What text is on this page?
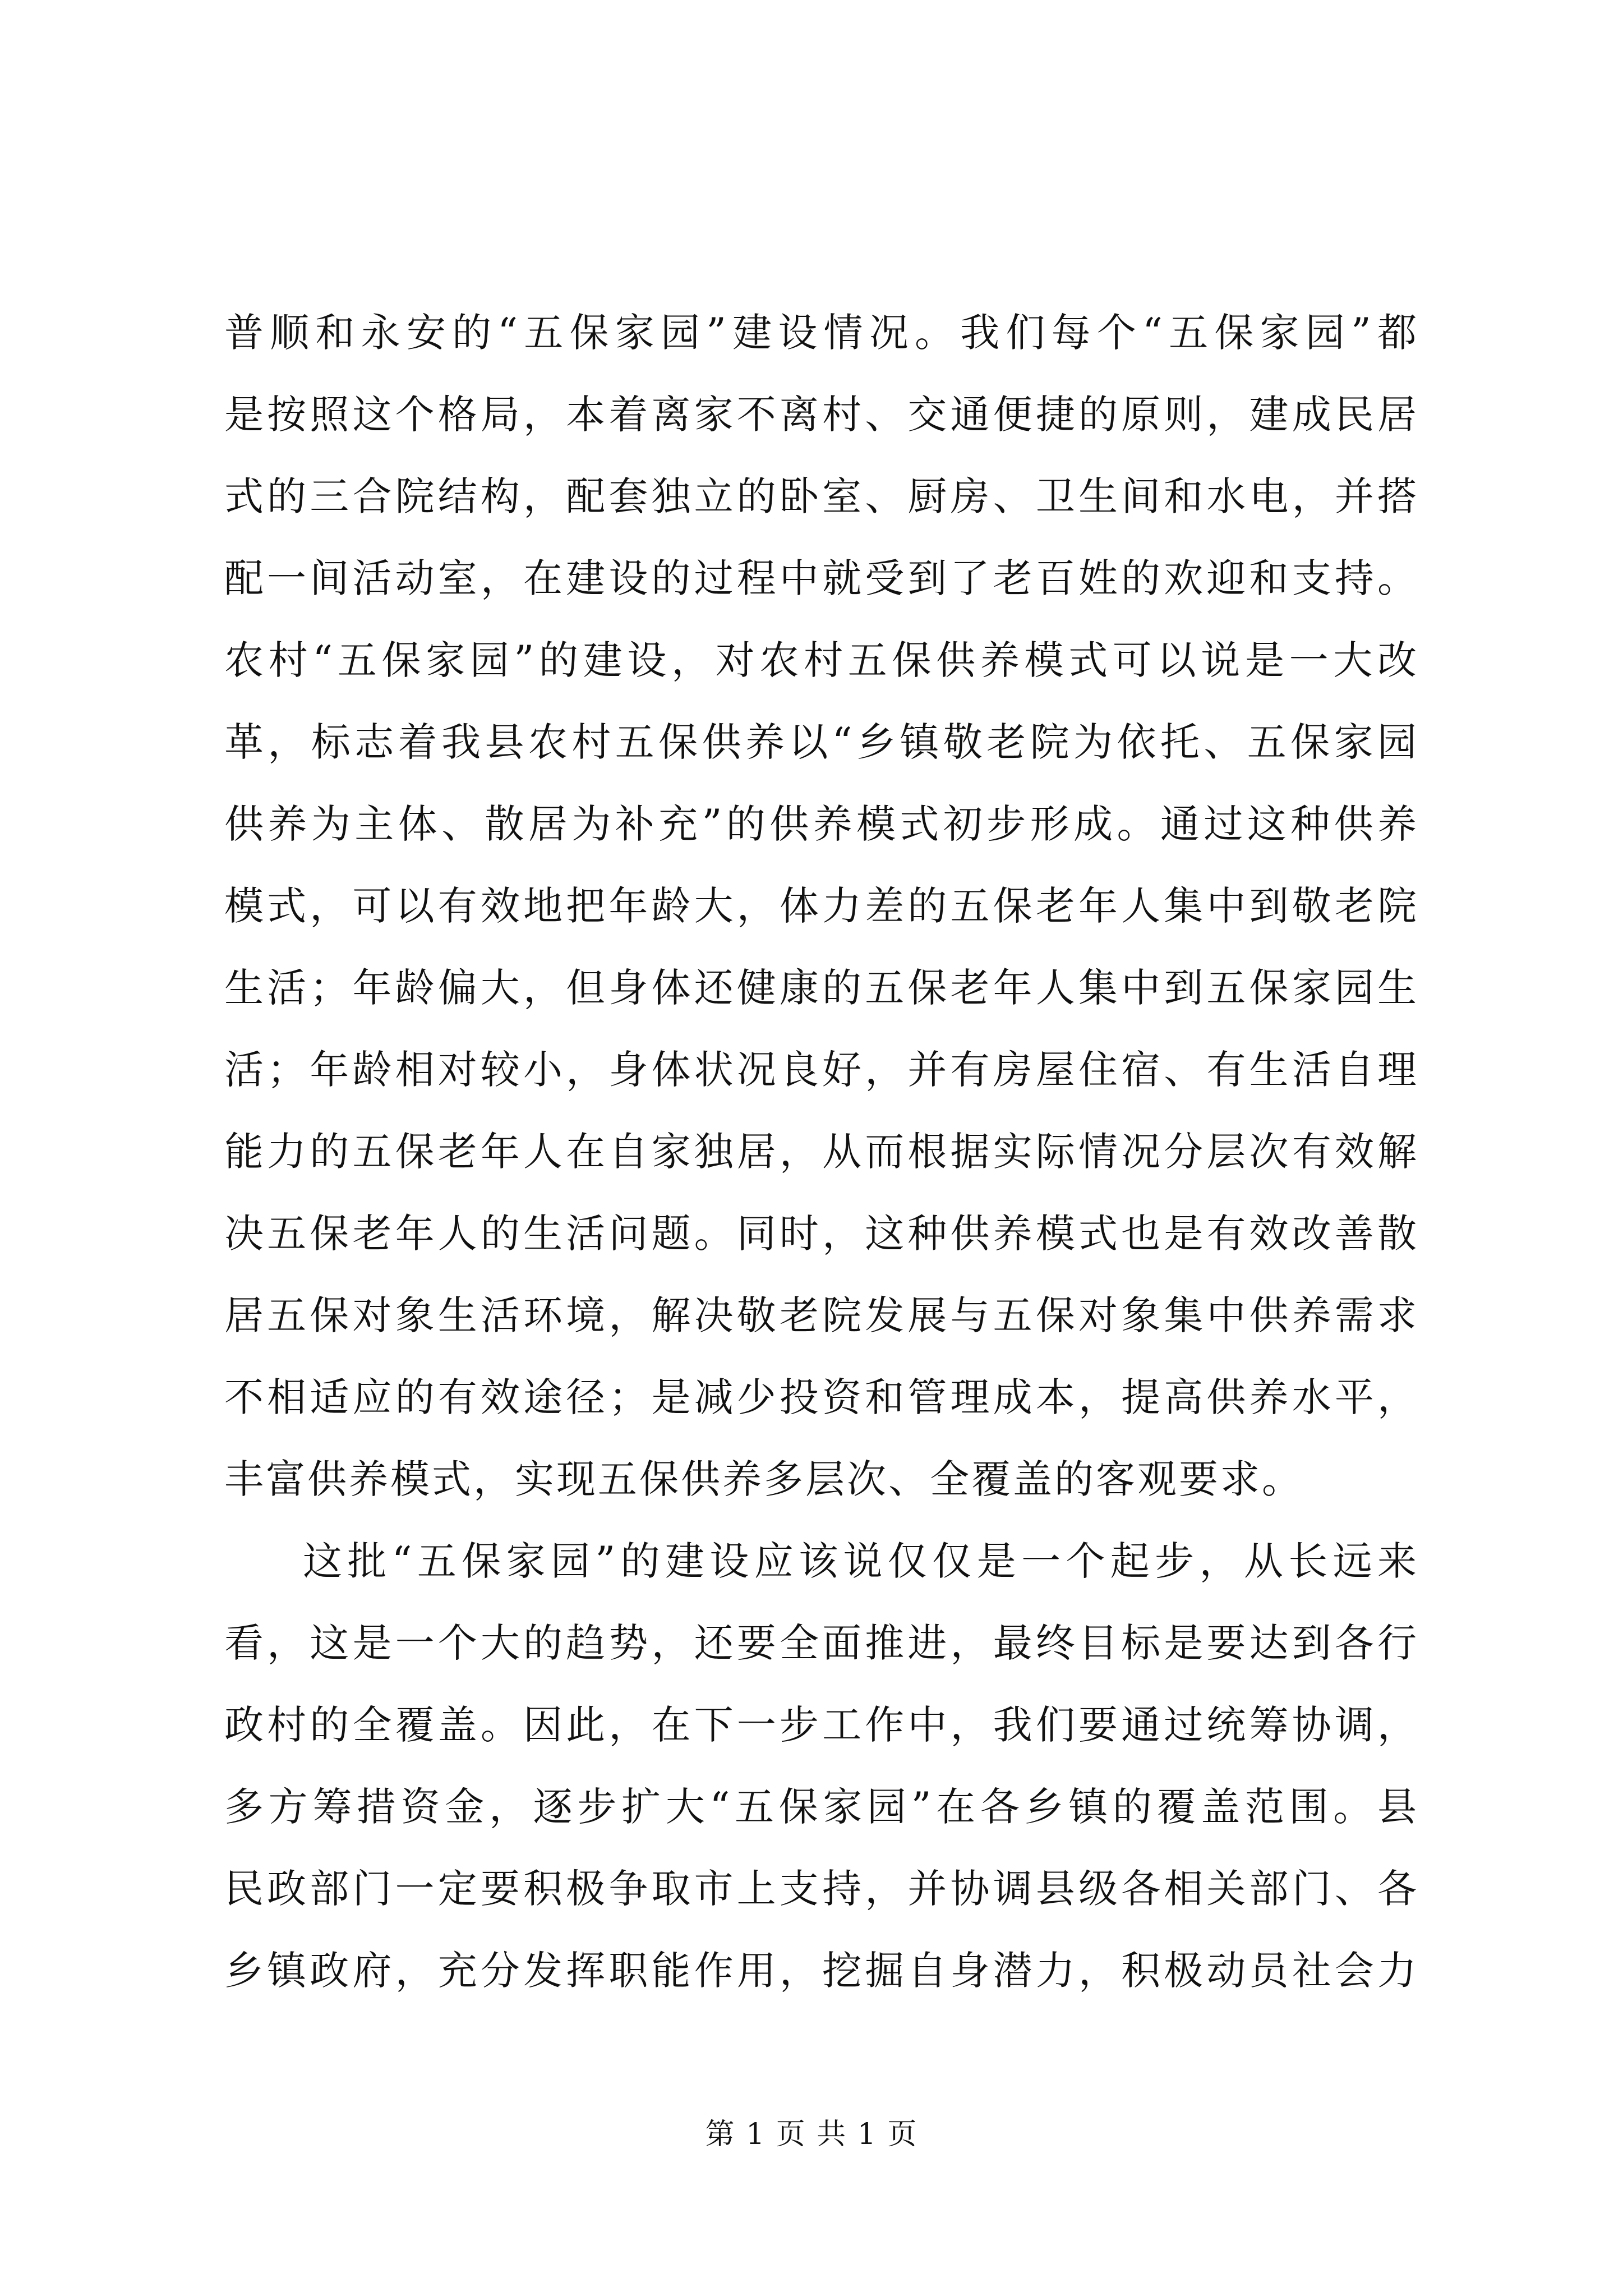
普顺和永安的“五保家园”建设情况。我们每个“五保家园”都
是按照这个格局，本着离家不离村、交通便捷的原则，建成民居
式的三合院结构，配套独立的卧室、厨房、卫生间和水电，并搭
配一间活动室，在建设的过程中就受到了老百姓的欢迎和支持。
农村“五保家园”的建设，对农村五保供养模式可以说是一大改
革，标志着我县农村五保供养以“乡镇敬老院为依托、五保家园
供养为主体、散居为补充”的供养模式初步形成。通过这种供养
模式，可以有效地把年龄大，体力差的五保老年人集中到敬老院
生活；年龄偏大，但身体还健康的五保老年人集中到五保家园生
活；年龄相对较小，身体状况良好，并有房屋住宿、有生活自理
能力的五保老年人在自家独居，从而根据实际情况分层次有效解
决五保老年人的生活问题。同时，这种供养模式也是有效改善散
居五保对象生活环境，解决敬老院发展与五保对象集中供养需求
不相适应的有效途径；是减少投资和管理成本，提高供养水平，
丰富供养模式，实现五保供养多层次、全覆盖的客观要求。
这批“五保家园”的建设应该说仅仅是一个起步，从长远来
看，这是一个大的趋势，还要全面推进，最终目标是要达到各行
政村的全覆盖。因此，在下一步工作中，我们要通过统筹协调，
多方筹措资金，逐步扩大“五保家园”在各乡镇的覆盖范围。县
民政部门一定要积极争取市上支持，并协调县级各相关部门、各
乡镇政府，充分发挥职能作用，挖掘自身潜力，积极动员社会力
第 1 页 共 1 页
